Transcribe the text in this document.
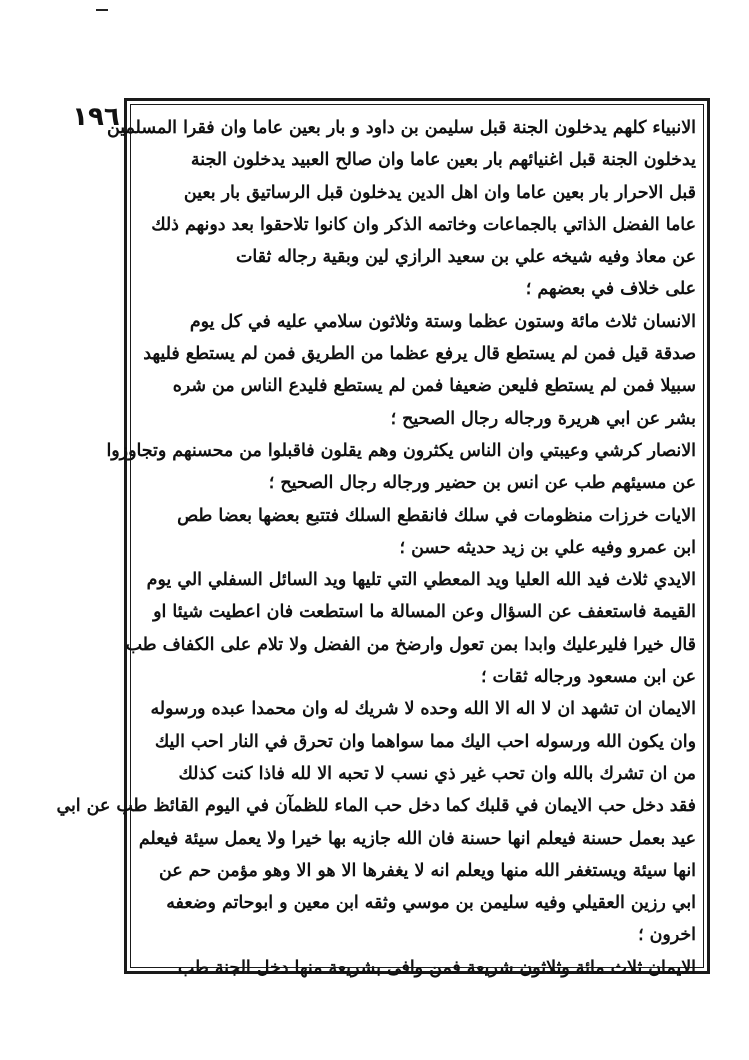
١٩٦
الانبياء كلهم يدخلون الجنة قبل سليمن بن داود و بار بعين عاما وان فقرا المسلمين
يدخلون الجنة قبل اغنيائهم بار بعين عاما وان صالح العبيد يدخلون الجنة
قبل الاحرار بار بعين عاما وان اهل الدين يدخلون قبل الرساتيق بار بعين
عاما الفضل الذاتي بالجماعات وخاتمه الذكر وان كانوا تلاحقوا بعد دونهم ذلك
عن معاذ وفيه شيخه علي بن سعيد الرازي لين وبقية رجاله ثقات
على خلاف في بعضهم ؛
الانسان ثلاث مائة وستون عظما وستة وثلاثون سلامي عليه في كل يوم
صدقة قيل فمن لم يستطع قال يرفع عظما من الطريق فمن لم يستطع فليهد
سبيلا فمن لم يستطع فليعن ضعيفا فمن لم يستطع فليدع الناس من شره
بشر عن ابي هريرة ورجاله رجال الصحيح ؛
الانصار كرشي وعيبتي وان الناس يكثرون وهم يقلون فاقبلوا من محسنهم وتجاوزوا
عن مسيئهم طب عن انس بن حضير ورجاله رجال الصحيح ؛
الايات خرزات منظومات في سلك فانقطع السلك فتتبع بعضها بعضا طص
ابن عمرو وفيه علي بن زيد حديثه حسن ؛
الايدي ثلاث فيد الله العليا ويد المعطي التي تليها ويد السائل السفلي الي يوم
القيمة فاستعفف عن السؤال وعن المسالة ما استطعت فان اعطيت شيئا او
قال خيرا فليرعليك وابدا بمن تعول وارضخ من الفضل ولا تلام على الكفاف طب
عن ابن مسعود ورجاله ثقات ؛
الايمان ان تشهد ان لا اله الا الله وحده لا شريك له وان محمدا عبده ورسوله
وان يكون الله ورسوله احب اليك مما سواهما وان تحرق في النار احب اليك
من ان تشرك بالله وان تحب غير ذي نسب لا تحبه الا لله فاذا كنت كذلك
فقد دخل حب الايمان في قلبك كما دخل حب الماء للظمآن في اليوم القائظ طب عن ابي
عيد بعمل حسنة فيعلم انها حسنة فان الله جازيه بها خيرا ولا يعمل سيئة فيعلم
انها سيئة ويستغفر الله منها ويعلم انه لا يغفرها الا هو الا وهو مؤمن حم عن
ابي رزين العقيلي وفيه سليمن بن موسي وثقه ابن معين و ابوحاتم وضعفه
اخرون ؛
الايمان ثلاث مائة وثلاثون شريعة فمن وافى بشريعة منها دخل الجنة طب
